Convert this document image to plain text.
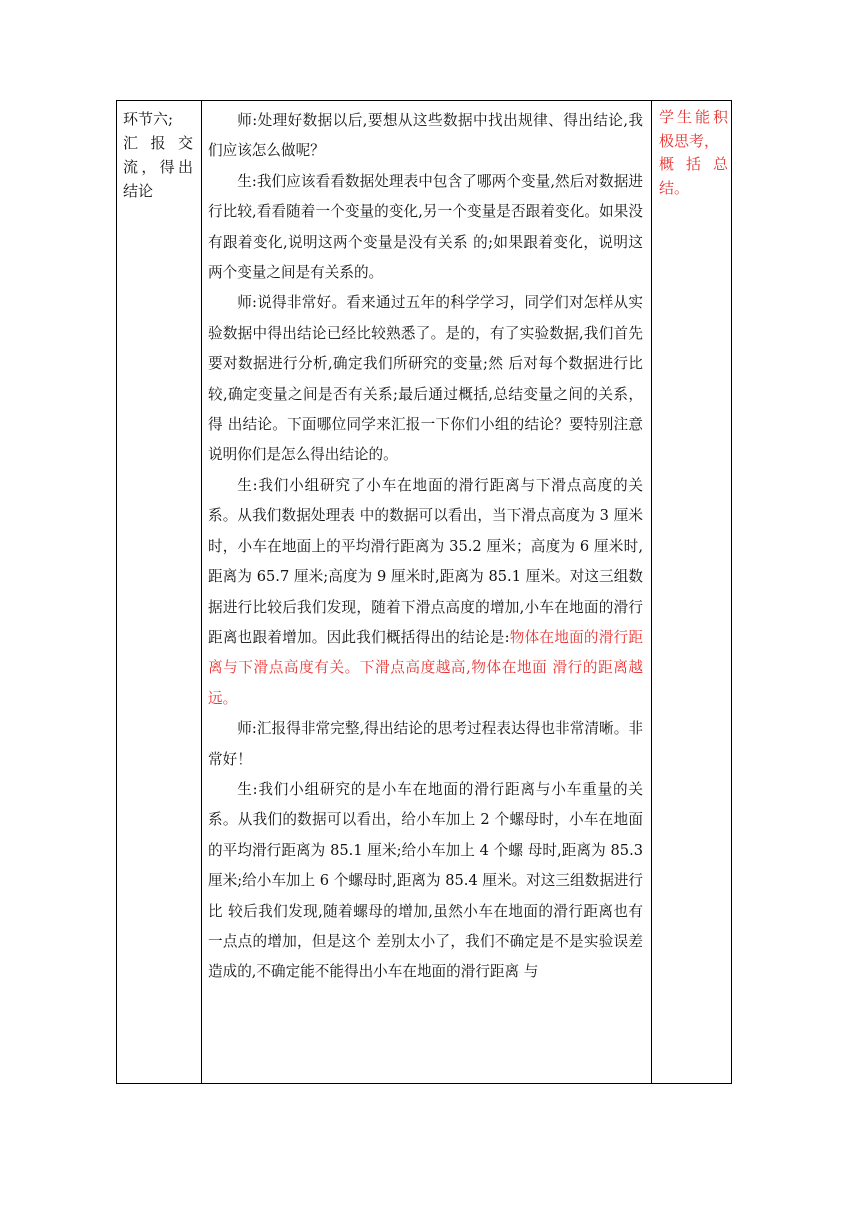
环节六;
汇 报 交
流，得出
结论

师:处理好数据以后,要想从这些数据中找出规律、得出结论,我们应该怎么做呢？

生:我们应该看看数据处理表中包含了哪两个变量,然后对数据进行比较,看看随着一个变量的变化,另一个变量是否跟着变化。如果没有跟着变化,说明这两个变量是没有关系 的;如果跟着变化，说明这两个变量之间是有关系的。

师:说得非常好。看来通过五年的科学学习，同学们对怎样从实验数据中得出结论已经比较熟悉了。是的，有了实验数据,我们首先要对数据进行分析,确定我们所研究的变量;然 后对每个数据进行比较,确定变量之间是否有关系;最后通过概括,总结变量之间的关系，得 出结论。下面哪位同学来汇报一下你们小组的结论？要特别注意说明你们是怎么得出结论的。

生:我们小组研究了小车在地面的滑行距离与下滑点高度的关系。从我们数据处理表 中的数据可以看出，当下滑点高度为 3 厘米时，小车在地面上的平均滑行距离为 35.2 厘米；高度为 6 厘米时,距离为 65.7 厘米;高度为 9 厘米时,距离为 85.1 厘米。对这三组数据进行比较后我们发现，随着下滑点高度的增加,小车在地面的滑行距离也跟着增加。因此我们概括得出的结论是:物体在地面的滑行距离与下滑点高度有关。下滑点高度越高,物体在地面 滑行的距离越远。

师:汇报得非常完整,得出结论的思考过程表达得也非常清晰。非常好！

生:我们小组研究的是小车在地面的滑行距离与小车重量的关系。从我们的数据可以看出，给小车加上 2 个螺母时，小车在地面的平均滑行距离为 85.1 厘米;给小车加上 4 个螺 母时,距离为 85.3 厘米;给小车加上 6 个螺母时,距离为 85.4 厘米。对这三组数据进行比 较后我们发现,随着螺母的增加,虽然小车在地面的滑行距离也有一点点的增加，但是这个 差别太小了，我们不确定是不是实验误差造成的,不确定能不能得出小车在地面的滑行距离 与

学生能积
极思考，
概 括 总
结。
